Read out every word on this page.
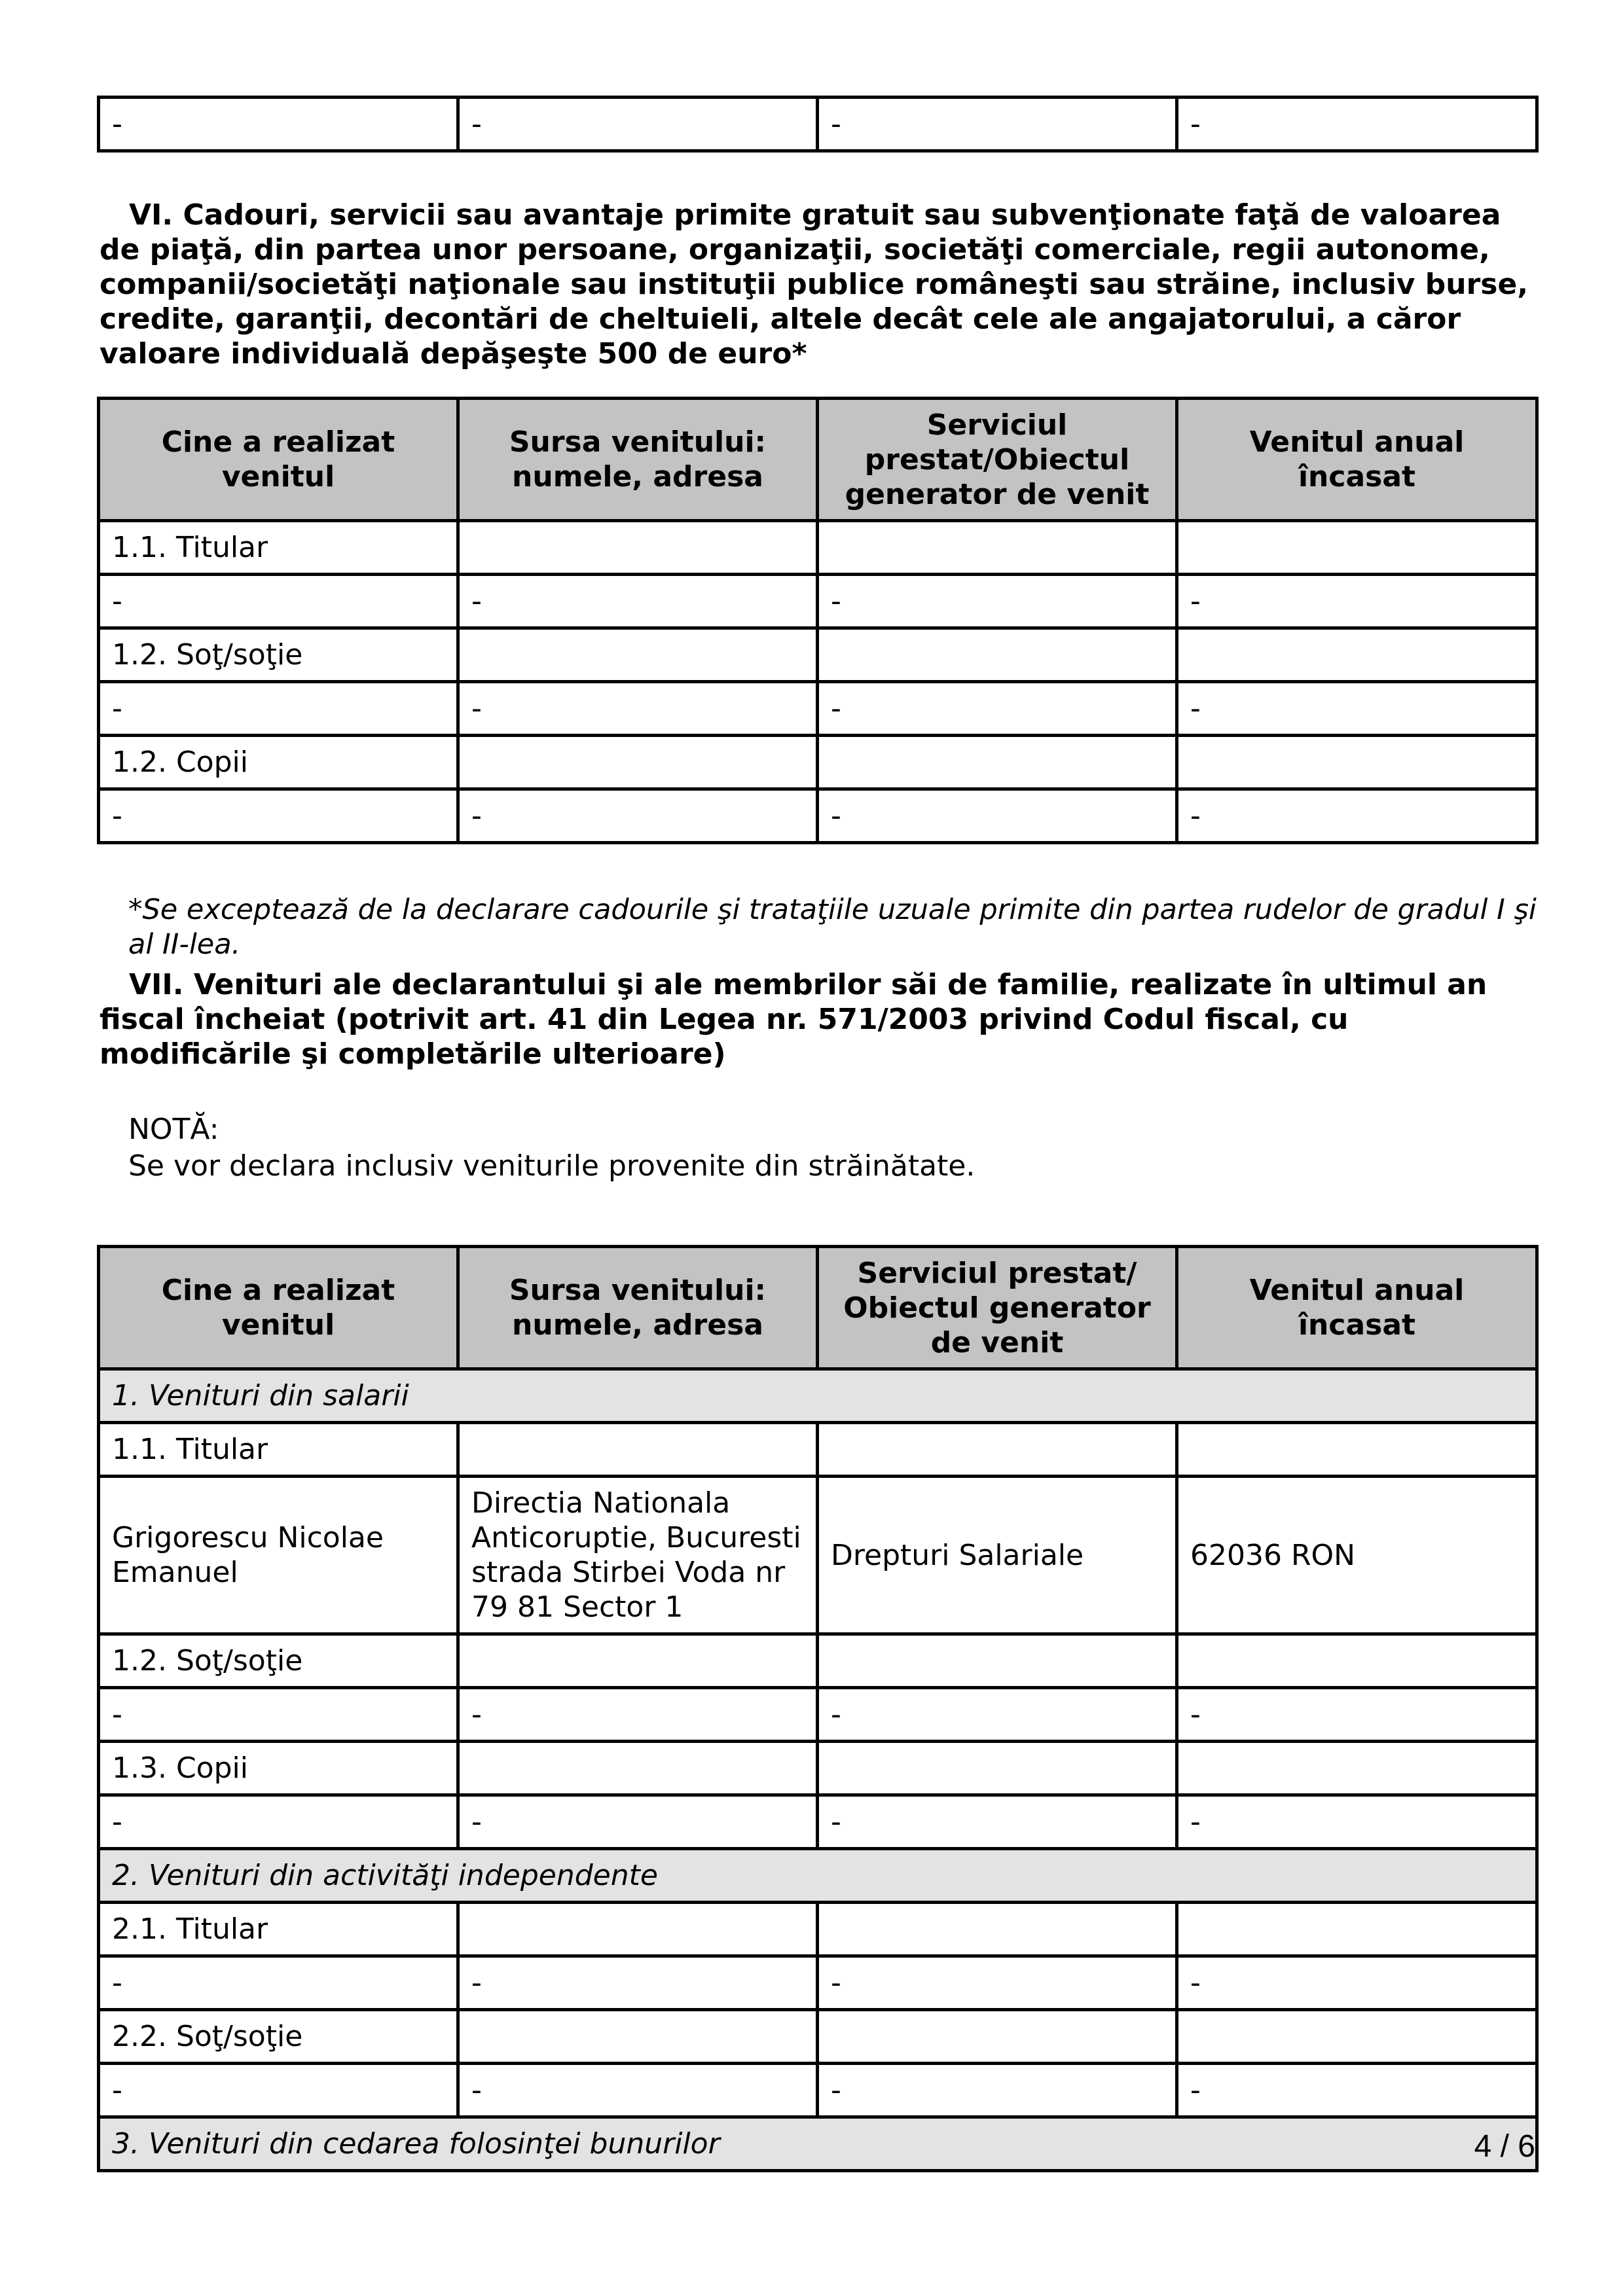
-	-	-	-

VI. Cadouri, servicii sau avantaje primite gratuit sau subvenţionate faţă de valoarea de piaţă, din partea unor persoane, organizaţii, societăţi comerciale, regii autonome, companii/societăţi naţionale sau instituţii publice româneşti sau străine, inclusiv burse, credite, garanţii, decontări de cheltuieli, altele decât cele ale angajatorului, a căror valoare individuală depăşeşte 500 de euro*

Cine a realizat venitul	Sursa venitului: numele, adresa	Serviciul prestat/Obiectul generator de venit	Venitul anual încasat
1.1. Titular			
-	-	-	-
1.2. Soţ/soţie			
-	-	-	-
1.2. Copii			
-	-	-	-

*Se exceptează de la declarare cadourile şi trataţiile uzuale primite din partea rudelor de gradul I şi al II-lea.

VII. Venituri ale declarantului şi ale membrilor săi de familie, realizate în ultimul an fiscal încheiat (potrivit art. 41 din Legea nr. 571/2003 privind Codul fiscal, cu modificările şi completările ulterioare)

NOTĂ:

Se vor declara inclusiv veniturile provenite din străinătate.

Cine a realizat venitul	Sursa venitului: numele, adresa	Serviciul prestat/ Obiectul generator de venit	Venitul anual încasat
1. Venituri din salarii			
1.1. Titular			
Grigorescu Nicolae Emanuel	Directia Nationala Anticoruptie, Bucuresti strada Stirbei Voda nr 79 81 Sector 1	Drepturi Salariale	62036 RON
1.2. Soţ/soţie			
-	-	-	-
1.3. Copii			
-	-	-	-
2. Venituri din activităţi independente			
2.1. Titular			
-	-	-	-
2.2. Soţ/soţie			
-	-	-	-
3. Venituri din cedarea folosinţei bunurilor				4 / 6
